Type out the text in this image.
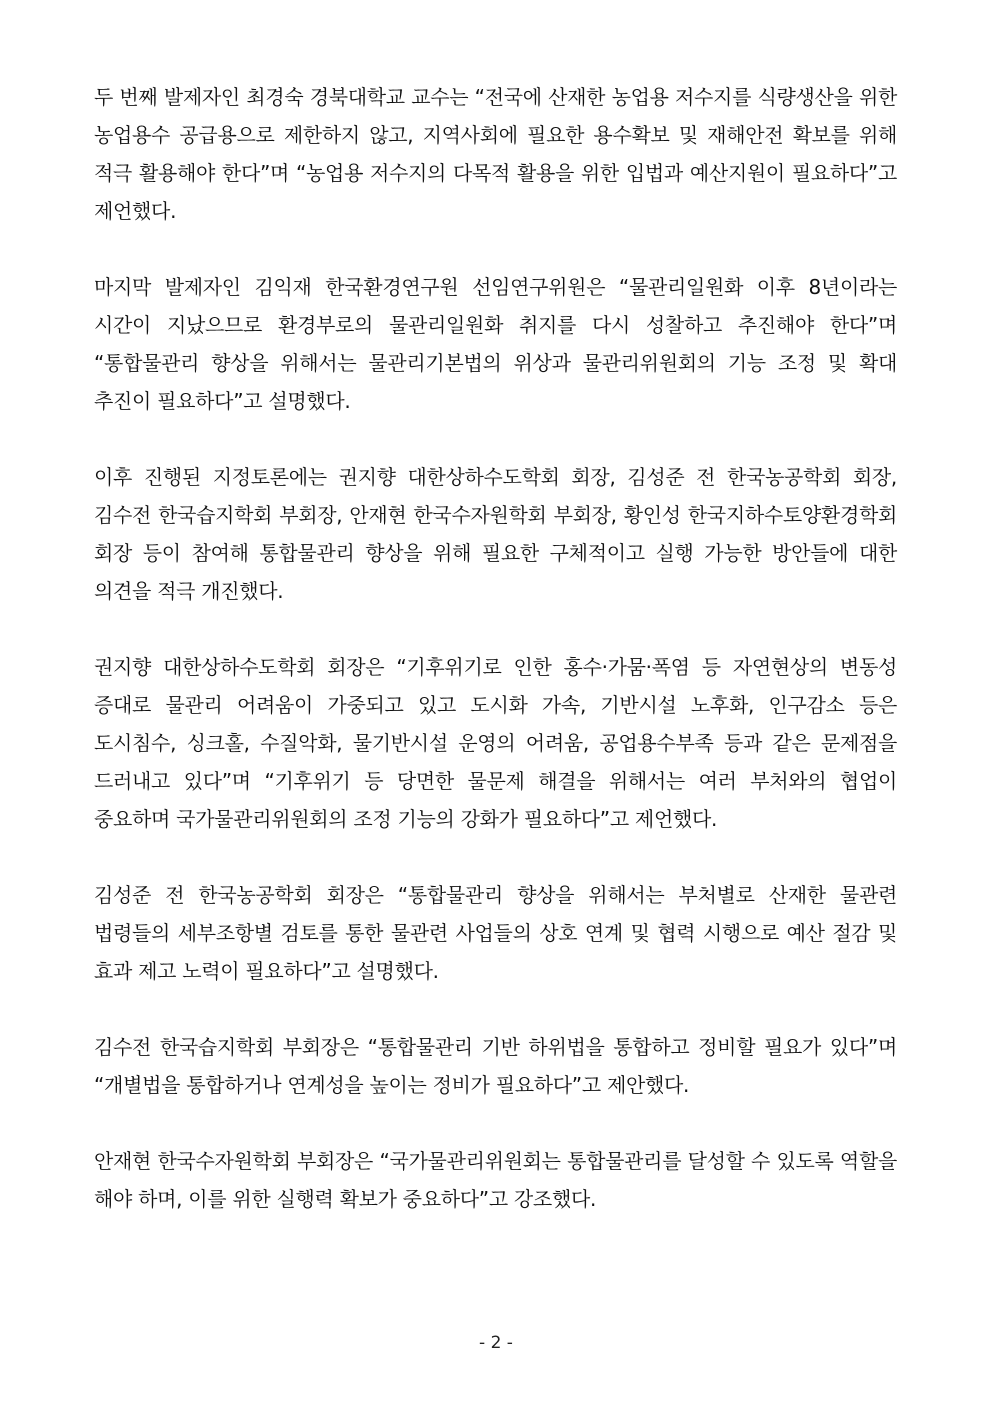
두 번째 발제자인 최경숙 경북대학교 교수는 “전국에 산재한 농업용 저수지를 식량생산을 위한 농업용수 공급용으로 제한하지 않고, 지역사회에 필요한 용수확보 및 재해안전 확보를 위해 적극 활용해야 한다”며 “농업용 저수지의 다목적 활용을 위한 입법과 예산지원이 필요하다”고 제언했다.

마지막 발제자인 김익재 한국환경연구원 선임연구위원은 “물관리일원화 이후 8년이라는 시간이 지났으므로 환경부로의 물관리일원화 취지를 다시 성찰하고 추진해야 한다”며 “통합물관리 향상을 위해서는 물관리기본법의 위상과 물관리위원회의 기능 조정 및 확대 추진이 필요하다”고 설명했다.

이후 진행된 지정토론에는 권지향 대한상하수도학회 회장, 김성준 전 한국농공학회 회장, 김수전 한국습지학회 부회장, 안재현 한국수자원학회 부회장, 황인성 한국지하수토양환경학회 회장 등이 참여해 통합물관리 향상을 위해 필요한 구체적이고 실행 가능한 방안들에 대한 의견을 적극 개진했다.

권지향 대한상하수도학회 회장은 “기후위기로 인한 홍수·가뭄·폭염 등 자연현상의 변동성 증대로 물관리 어려움이 가중되고 있고 도시화 가속, 기반시설 노후화, 인구감소 등은 도시침수, 싱크홀, 수질악화, 물기반시설 운영의 어려움, 공업용수부족 등과 같은 문제점을 드러내고 있다”며 “기후위기 등 당면한 물문제 해결을 위해서는 여러 부처와의 협업이 중요하며 국가물관리위원회의 조정 기능의 강화가 필요하다”고 제언했다.

김성준 전 한국농공학회 회장은 “통합물관리 향상을 위해서는 부처별로 산재한 물관련 법령들의 세부조항별 검토를 통한 물관련 사업들의 상호 연계 및 협력 시행으로 예산 절감 및 효과 제고 노력이 필요하다”고 설명했다.

김수전 한국습지학회 부회장은 “통합물관리 기반 하위법을 통합하고 정비할 필요가 있다”며 “개별법을 통합하거나 연계성을 높이는 정비가 필요하다”고 제안했다.

안재현 한국수자원학회 부회장은 “국가물관리위원회는 통합물관리를 달성할 수 있도록 역할을 해야 하며, 이를 위한 실행력 확보가 중요하다”고 강조했다.

- 2 -
